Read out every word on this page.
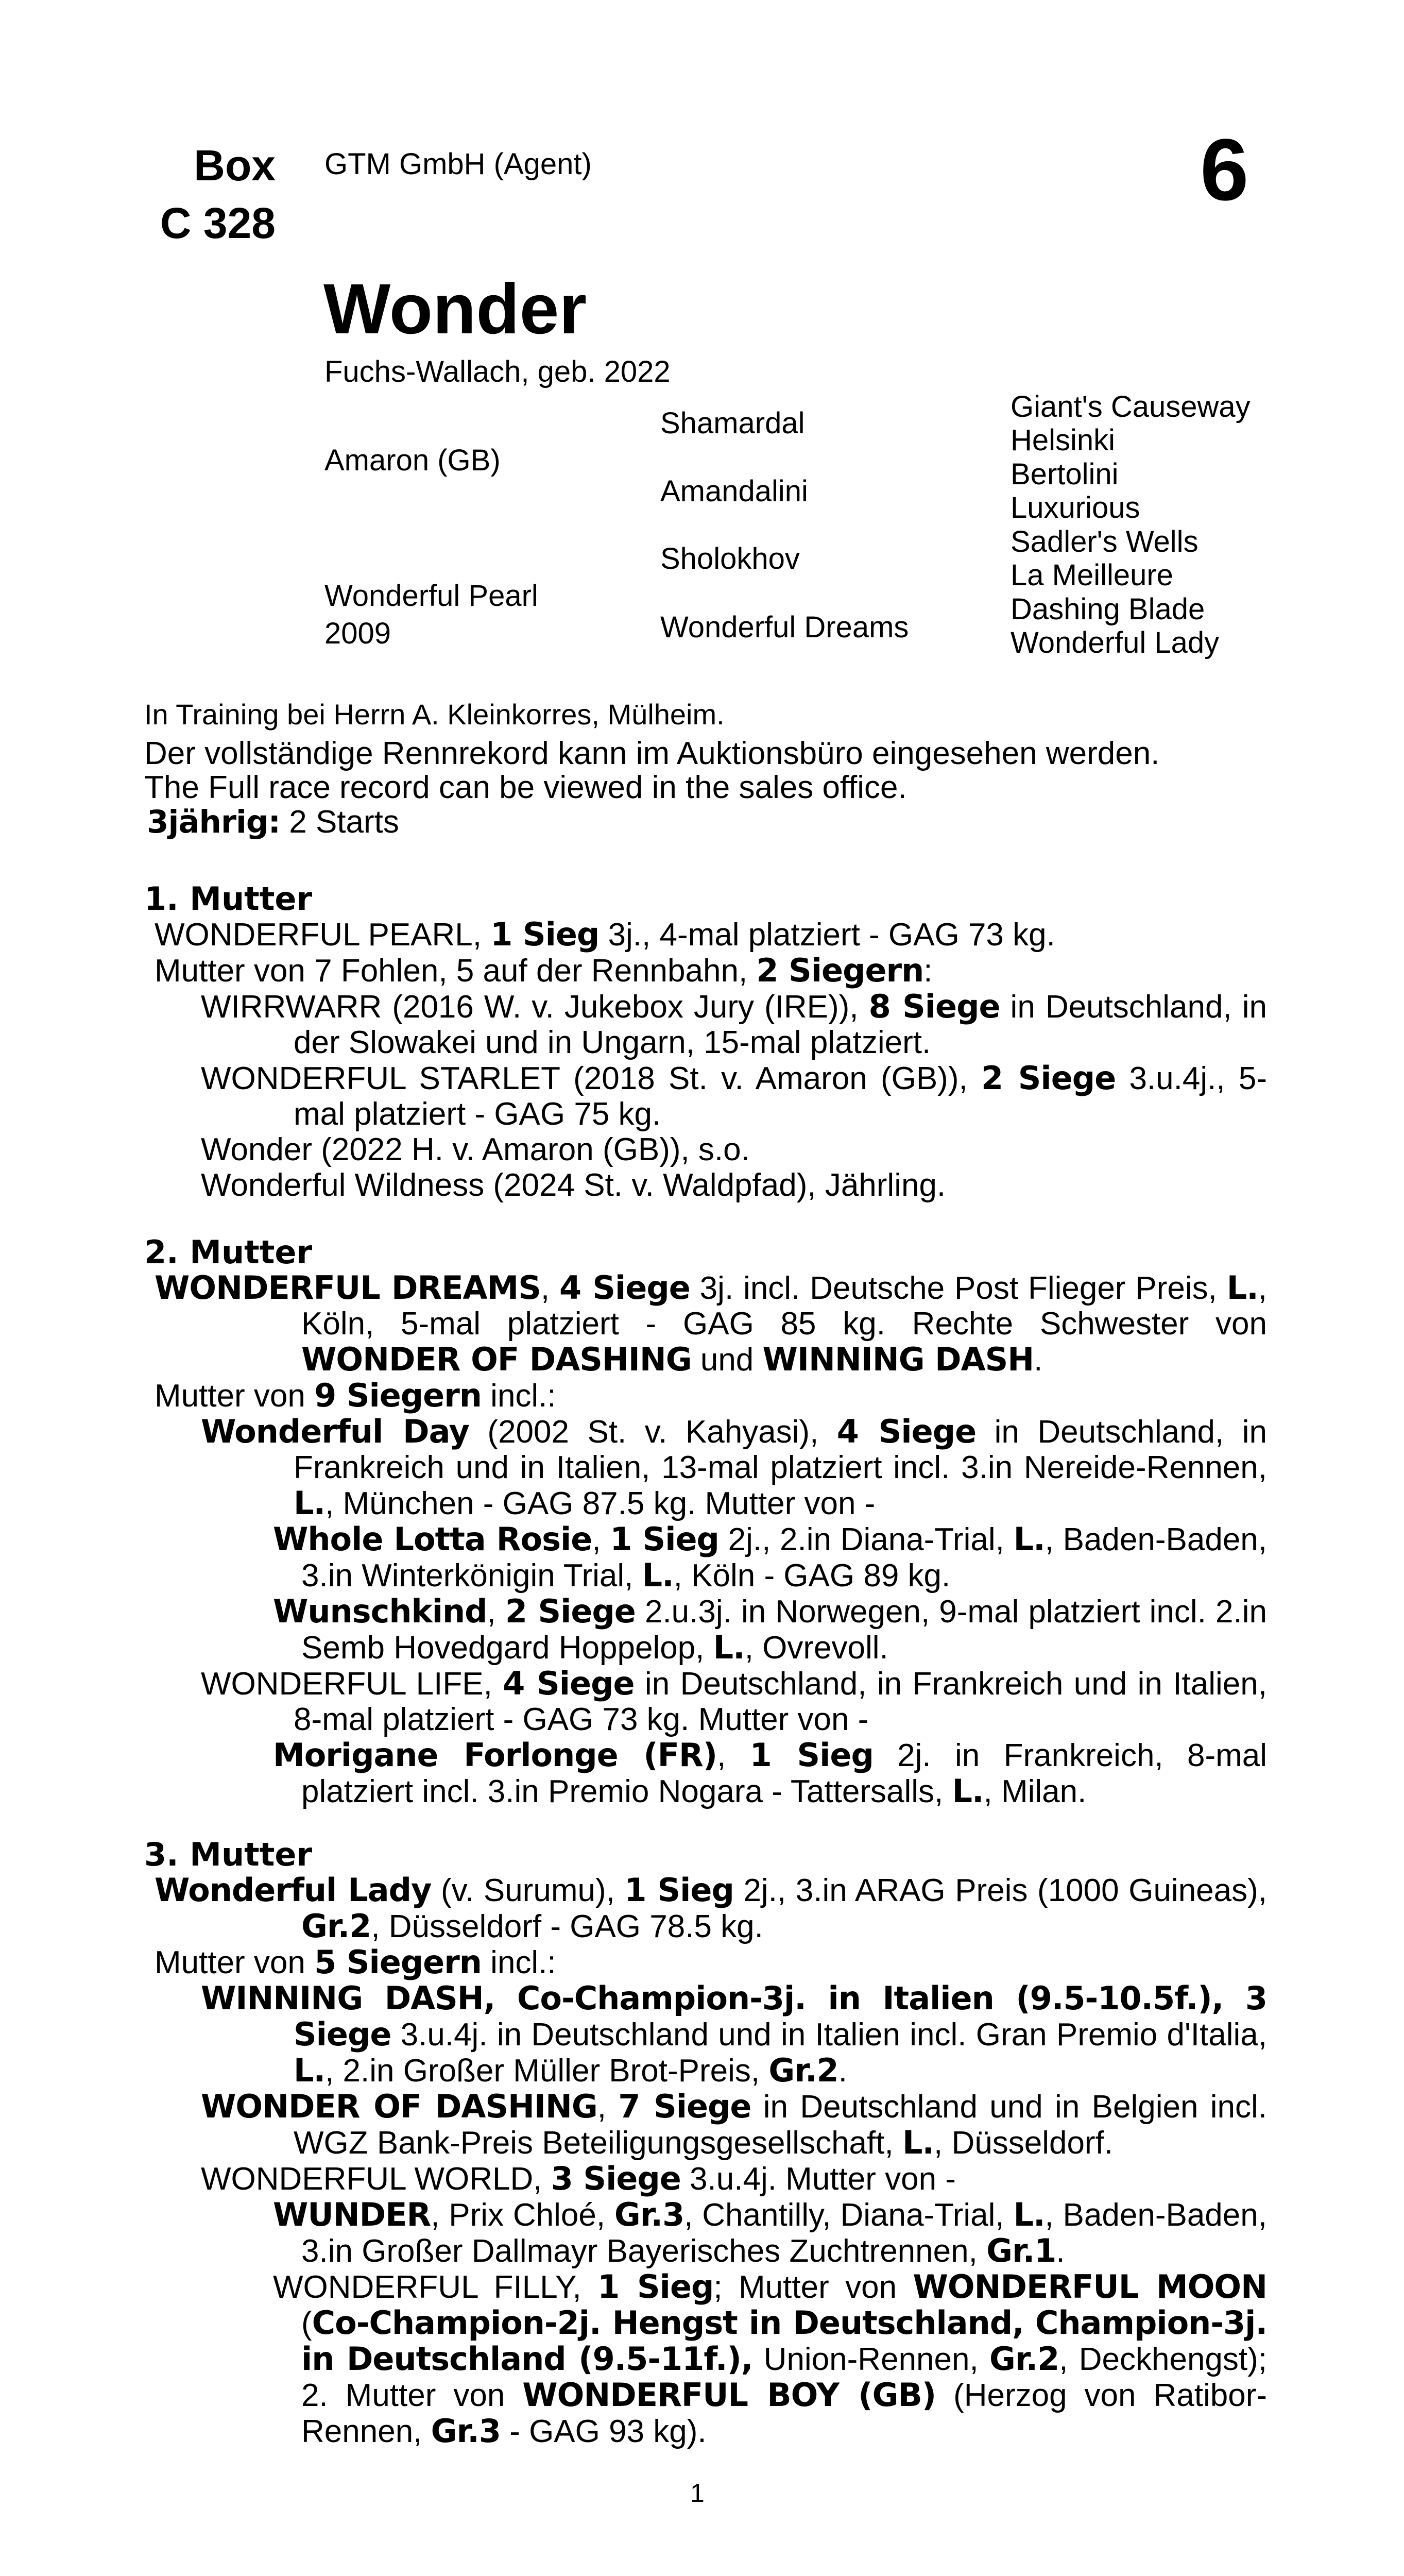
Box
C 328
GTM GmbH (Agent)	6
Wonder
Fuchs-Wallach, geb. 2022
Amaron (GB)
Wonderful Pearl
2009
Shamardal
Amandalini
Sholokhov
Wonderful Dreams
Giant's Causeway
Helsinki
Bertolini
Luxurious
Sadler's Wells
La Meilleure
Dashing Blade
Wonderful Lady
In Training bei Herrn A. Kleinkorres, Mülheim.
Der vollständige Rennrekord kann im Auktionsbüro eingesehen werden.
The Full race record can be viewed in the sales office.
3jährig: 2 Starts
1. Mutter
WONDERFUL PEARL, 1 Sieg 3j., 4-mal platziert - GAG 73 kg.
Mutter von 7 Fohlen, 5 auf der Rennbahn, 2 Siegern:
WIRRWARR (2016 W. v. Jukebox Jury (IRE)), 8 Siege in Deutschland, in der Slowakei und in Ungarn, 15-mal platziert.
WONDERFUL STARLET (2018 St. v. Amaron (GB)), 2 Siege 3.u.4j., 5-mal platziert - GAG 75 kg.
Wonder (2022 H. v. Amaron (GB)), s.o.
Wonderful Wildness (2024 St. v. Waldpfad), Jährling.
2. Mutter
WONDERFUL DREAMS, 4 Siege 3j. incl. Deutsche Post Flieger Preis, L., Köln, 5-mal platziert - GAG 85 kg. Rechte Schwester von WONDER OF DASHING und WINNING DASH.
Mutter von 9 Siegern incl.:
Wonderful Day (2002 St. v. Kahyasi), 4 Siege in Deutschland, in Frankreich und in Italien, 13-mal platziert incl. 3.in Nereide-Rennen, L., München - GAG 87.5 kg. Mutter von -
Whole Lotta Rosie, 1 Sieg 2j., 2.in Diana-Trial, L., Baden-Baden, 3.in Winterkönigin Trial, L., Köln - GAG 89 kg.
Wunschkind, 2 Siege 2.u.3j. in Norwegen, 9-mal platziert incl. 2.in Semb Hovedgard Hoppelop, L., Ovrevoll.
WONDERFUL LIFE, 4 Siege in Deutschland, in Frankreich und in Italien, 8-mal platziert - GAG 73 kg. Mutter von -
Morigane Forlonge (FR), 1 Sieg 2j. in Frankreich, 8-mal platziert incl. 3.in Premio Nogara - Tattersalls, L., Milan.
3. Mutter
Wonderful Lady (v. Surumu), 1 Sieg 2j., 3.in ARAG Preis (1000 Guineas), Gr.2, Düsseldorf - GAG 78.5 kg.
Mutter von 5 Siegern incl.:
WINNING DASH, Co-Champion-3j. in Italien (9.5-10.5f.), 3 Siege 3.u.4j. in Deutschland und in Italien incl. Gran Premio d'Italia, L., 2.in Großer Müller Brot-Preis, Gr.2.
WONDER OF DASHING, 7 Siege in Deutschland und in Belgien incl. WGZ Bank-Preis Beteiligungsgesellschaft, L., Düsseldorf.
WONDERFUL WORLD, 3 Siege 3.u.4j. Mutter von -
WUNDER, Prix Chloé, Gr.3, Chantilly, Diana-Trial, L., Baden-Baden, 3.in Großer Dallmayr Bayerisches Zuchtrennen, Gr.1.
WONDERFUL FILLY, 1 Sieg; Mutter von WONDERFUL MOON (Co-Champion-2j. Hengst in Deutschland, Champion-3j. in Deutschland (9.5-11f.), Union-Rennen, Gr.2, Deckhengst); 2. Mutter von WONDERFUL BOY (GB) (Herzog von Ratibor-Rennen, Gr.3 - GAG 93 kg).
1
